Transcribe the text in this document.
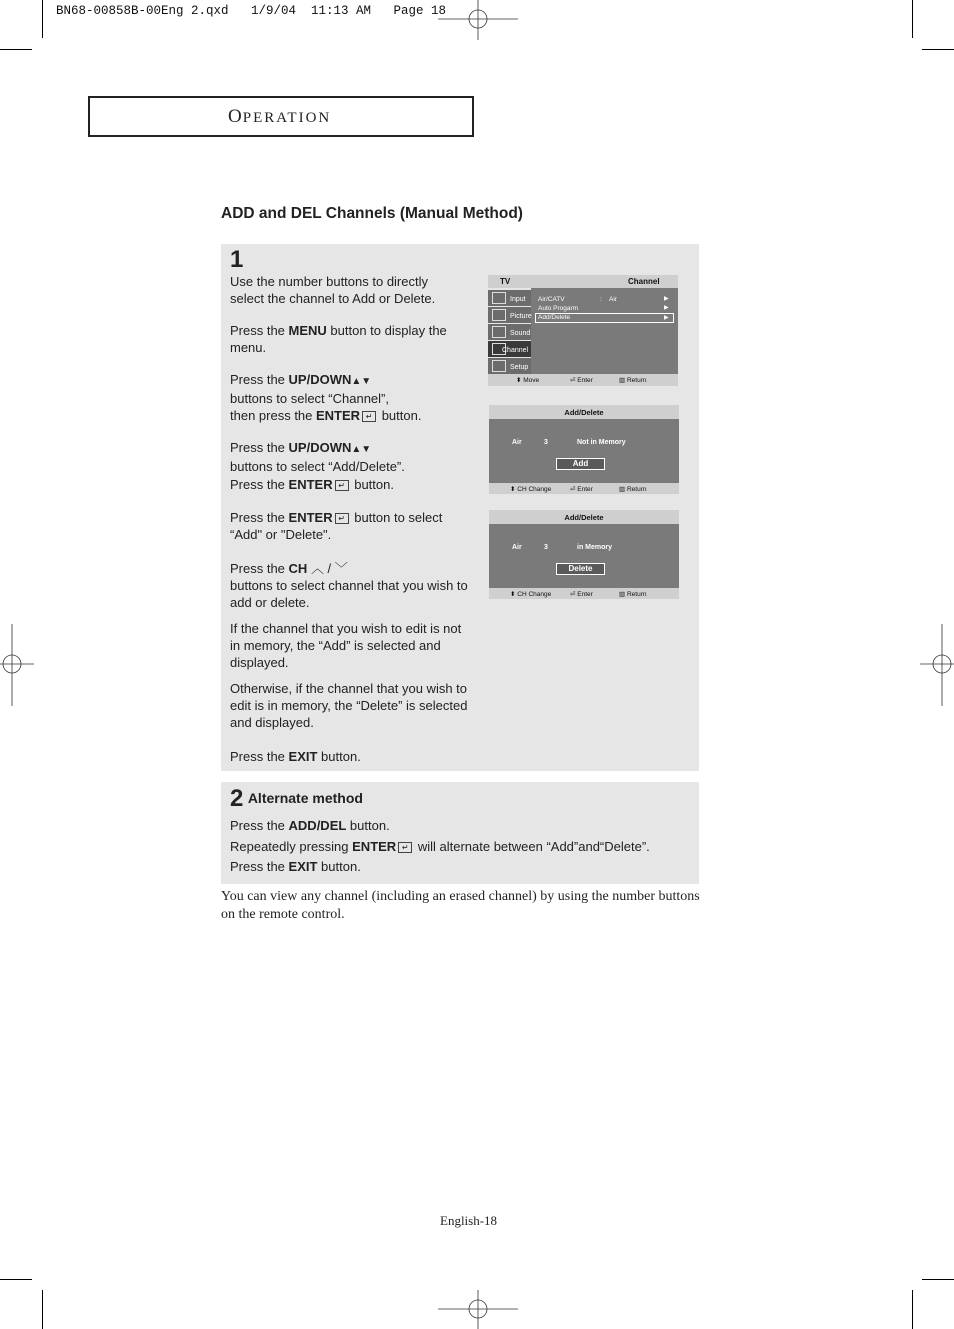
BN68-00858B-00Eng 2.qxd   1/9/04  11:13 AM   Page 18
OPERATION
ADD and DEL Channels (Manual Method)
1
Use the number buttons to directly select the channel to Add or Delete.
Press the MENU button to display the menu.
Press the UP/DOWN▲▼
buttons to select “Channel”,
then press the ENTER ↵ button.
Press the UP/DOWN▲▼
buttons to select “Add/Delete”.
Press the ENTER ↵ button.
Press the ENTER ↵ button to select
“Add" or "Delete".
Press the CH ︿ / ﹀
buttons to select channel that you wish to add or delete.
If the channel that you wish to edit is not in memory, the “Add” is selected and displayed.
Otherwise, if the channel that you wish to edit is in memory, the “Delete” is selected and displayed.
Press the EXIT button.
TV	Channel
Input
Picture
Sound
Channel
Setup
Air/CATV	: Air	▶
Auto Progarm	▶
Add/Delete	▶
⬍ Move	⏎ Enter	▥ Return
Add/Delete
Air	3	Not in Memory
Add
⬍ CH Change	⏎ Enter	▥ Return
Add/Delete
Air	3	in Memory
Delete
⬍ CH Change	⏎ Enter	▥ Return
2 Alternate method
Press the ADD/DEL button.
Repeatedly pressing ENTER ↵ will alternate between “Add”and“Delete”.
Press the EXIT button.
You can view any channel (including an erased channel) by using the number buttons on the remote control.
English-18
